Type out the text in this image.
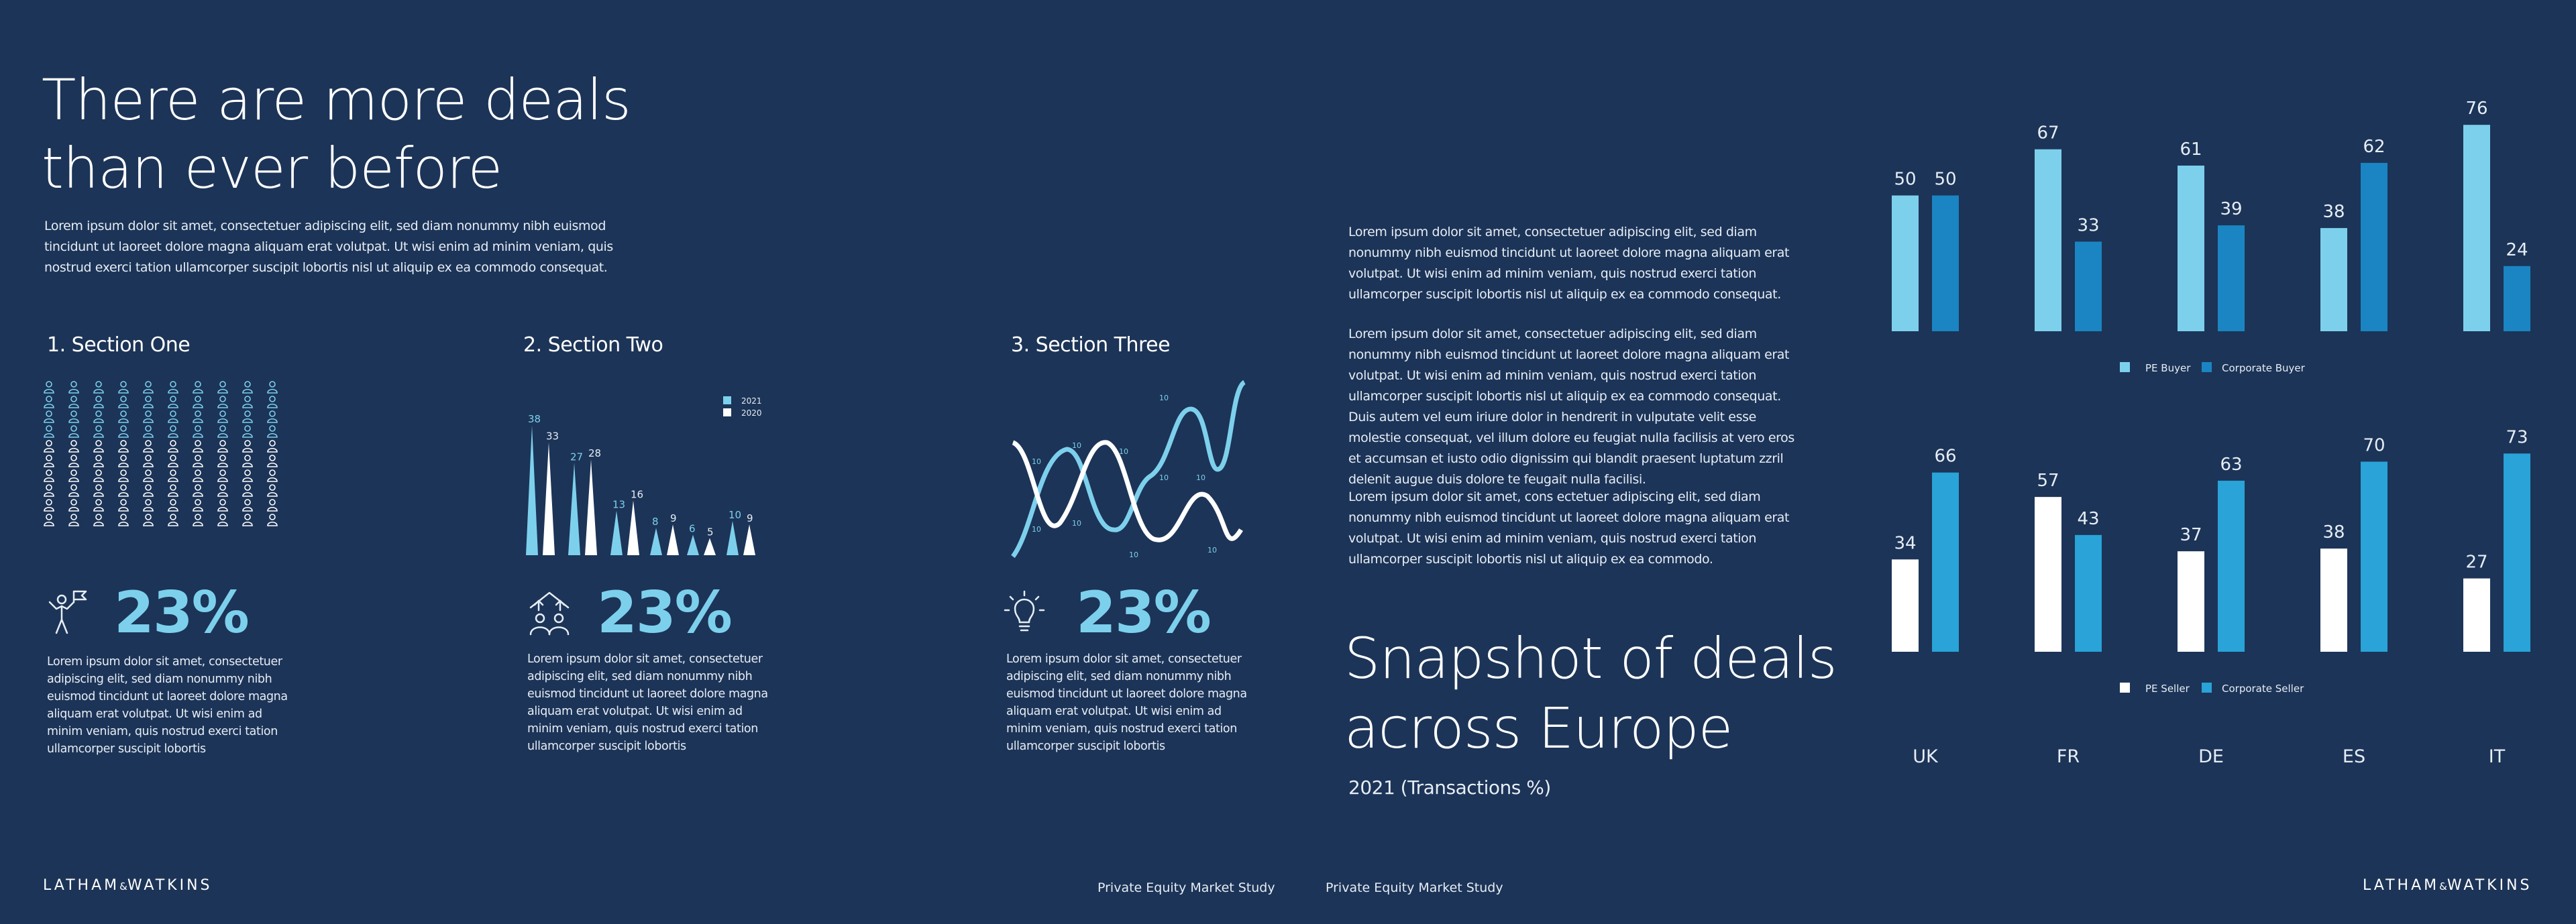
There are more deals
than ever before
Lorem ipsum dolor sit amet, consectetuer adipiscing elit, sed diam nonummy nibh euismod tincidunt ut laoreet dolore magna aliquam erat volutpat. Ut wisi enim ad minim veniam, quis nostrud exerci tation ullamcorper suscipit lobortis nisl ut aliquip ex ea commodo consequat.
1. Section One	2. Section Two	3. Section Three
2021
2020
38
33
27 28
13
16
8 9
6 5
10 9
10
10
10
10
10
10
10
10
10
10
23%	23%	23%
Lorem ipsum dolor sit amet, consectetuer adipiscing elit, sed diam nonummy nibh euismod tincidunt ut laoreet dolore magna aliquam erat volutpat. Ut wisi enim ad minim veniam, quis nostrud exerci tation ullamcorper suscipit lobortis
Lorem ipsum dolor sit amet, consectetuer adipiscing elit, sed diam nonummy nibh euismod tincidunt ut laoreet dolore magna aliquam erat volutpat. Ut wisi enim ad minim veniam, quis nostrud exerci tation ullamcorper suscipit lobortis
Lorem ipsum dolor sit amet, consectetuer adipiscing elit, sed diam nonummy nibh euismod tincidunt ut laoreet dolore magna aliquam erat volutpat. Ut wisi enim ad minim veniam, quis nostrud exerci tation ullamcorper suscipit lobortis
LATHAM&WATKINS	Private Equity Market Study	Private Equity Market Study
Lorem ipsum dolor sit amet, consectetuer adipiscing elit, sed diam nonummy nibh euismod tincidunt ut laoreet dolore magna aliquam erat volutpat. Ut wisi enim ad minim veniam, quis nostrud exerci tation ullamcorper suscipit lobortis nisl ut aliquip ex ea commodo consequat.
Lorem ipsum dolor sit amet, consectetuer adipiscing elit, sed diam nonummy nibh euismod tincidunt ut laoreet dolore magna aliquam erat volutpat. Ut wisi enim ad minim veniam, quis nostrud exerci tation ullamcorper suscipit lobortis nisl ut aliquip ex ea commodo consequat. Duis autem vel eum iriure dolor in hendrerit in vulputate velit esse molestie consequat, vel illum dolore eu feugiat nulla facilisis at vero eros et accumsan et iusto odio dignissim qui blandit praesent luptatum zzril delenit augue duis dolore te feugait nulla facilisi.
Lorem ipsum dolor sit amet, cons ectetuer adipiscing elit, sed diam nonummy nibh euismod tincidunt ut laoreet dolore magna aliquam erat volutpat. Ut wisi enim ad minim veniam, quis nostrud exerci tation ullamcorper suscipit lobortis nisl ut aliquip ex ea commodo.
Snapshot of deals
across Europe
2021 (Transactions %)
50
67
61
38
76
50
33
39
62
24
34
57
37	38
27
66
43
63
70	73
PE Buyer	Corporate Buyer
PE Seller	Corporate Seller
UK	FR	DE	ES	IT
LATHAM&WATKINS
